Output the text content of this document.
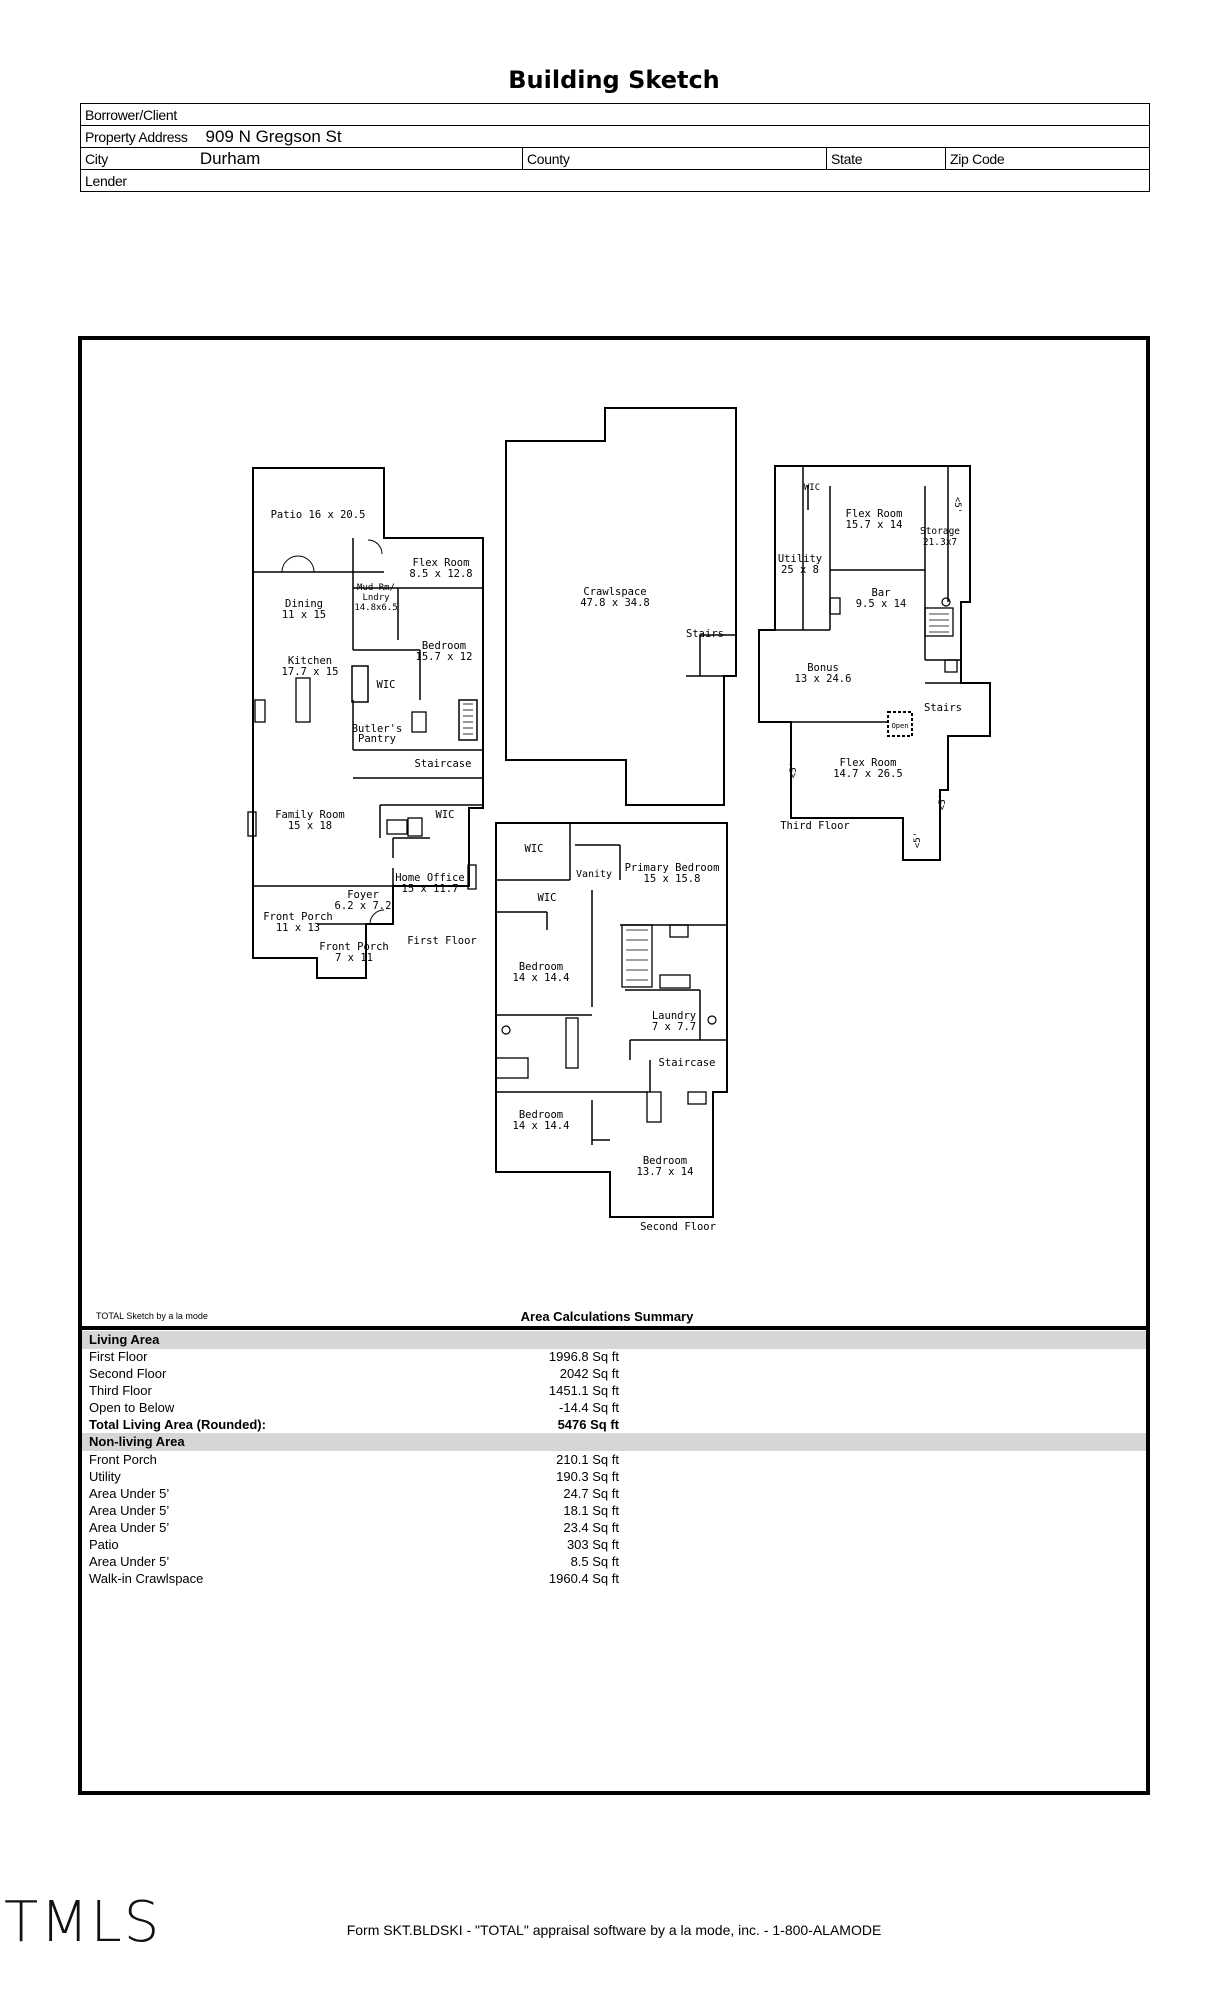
Building Sketch
Borrower/Client
Property Address 909 N Gregson St
City	Durham	County	State	Zip Code
Lender
Patio 16 x 20.5
Flex Room
8.5 x 12.8
Mud Rm/
Lndry
14.8x6.5
Dining
11 x 15
Bedroom
15.7 x 12
Kitchen
17.7 x 15
WIC
Butler's
Pantry
Staircase
Family Room
15 x 18
WIC
Home Office
15 x 11.7
Foyer
6.2 x 7.2
Front Porch
11 x 13
Front Porch
7 x 11
First Floor
Crawlspace
47.8 x 34.8
Stairs
WIC
Vanity
Primary Bedroom
15 x 15.8
WIC
Bedroom
14 x 14.4
Laundry
7 x 7.7
Staircase
Bedroom
14 x 14.4
Bedroom
13.7 x 14
Second Floor
WIC
Flex Room
15.7 x 14
Storage
21.3x7
Utility
25 x 8
Bar
9.5 x 14
Bonus
13 x 24.6
Stairs
Open
Flex Room
14.7 x 26.5
<5'
<5'
<5'
<5'
Third Floor
TOTAL Sketch by a la mode	Area Calculations Summary
Living Area
First Floor	1996.8 Sq ft
Second Floor	2042 Sq ft
Third Floor	1451.1 Sq ft
Open to Below	-14.4 Sq ft
Total Living Area (Rounded):	5476 Sq ft
Non-living Area
Front Porch	210.1 Sq ft
Utility	190.3 Sq ft
Area Under 5’	24.7 Sq ft
Area Under 5’	18.1 Sq ft
Area Under 5’	23.4 Sq ft
Patio	303 Sq ft
Area Under 5’	8.5 Sq ft
Walk-in Crawlspace	1960.4 Sq ft
TMLS	Form SKT.BLDSKI - "TOTAL" appraisal software by a la mode, inc. - 1-800-ALAMODE
